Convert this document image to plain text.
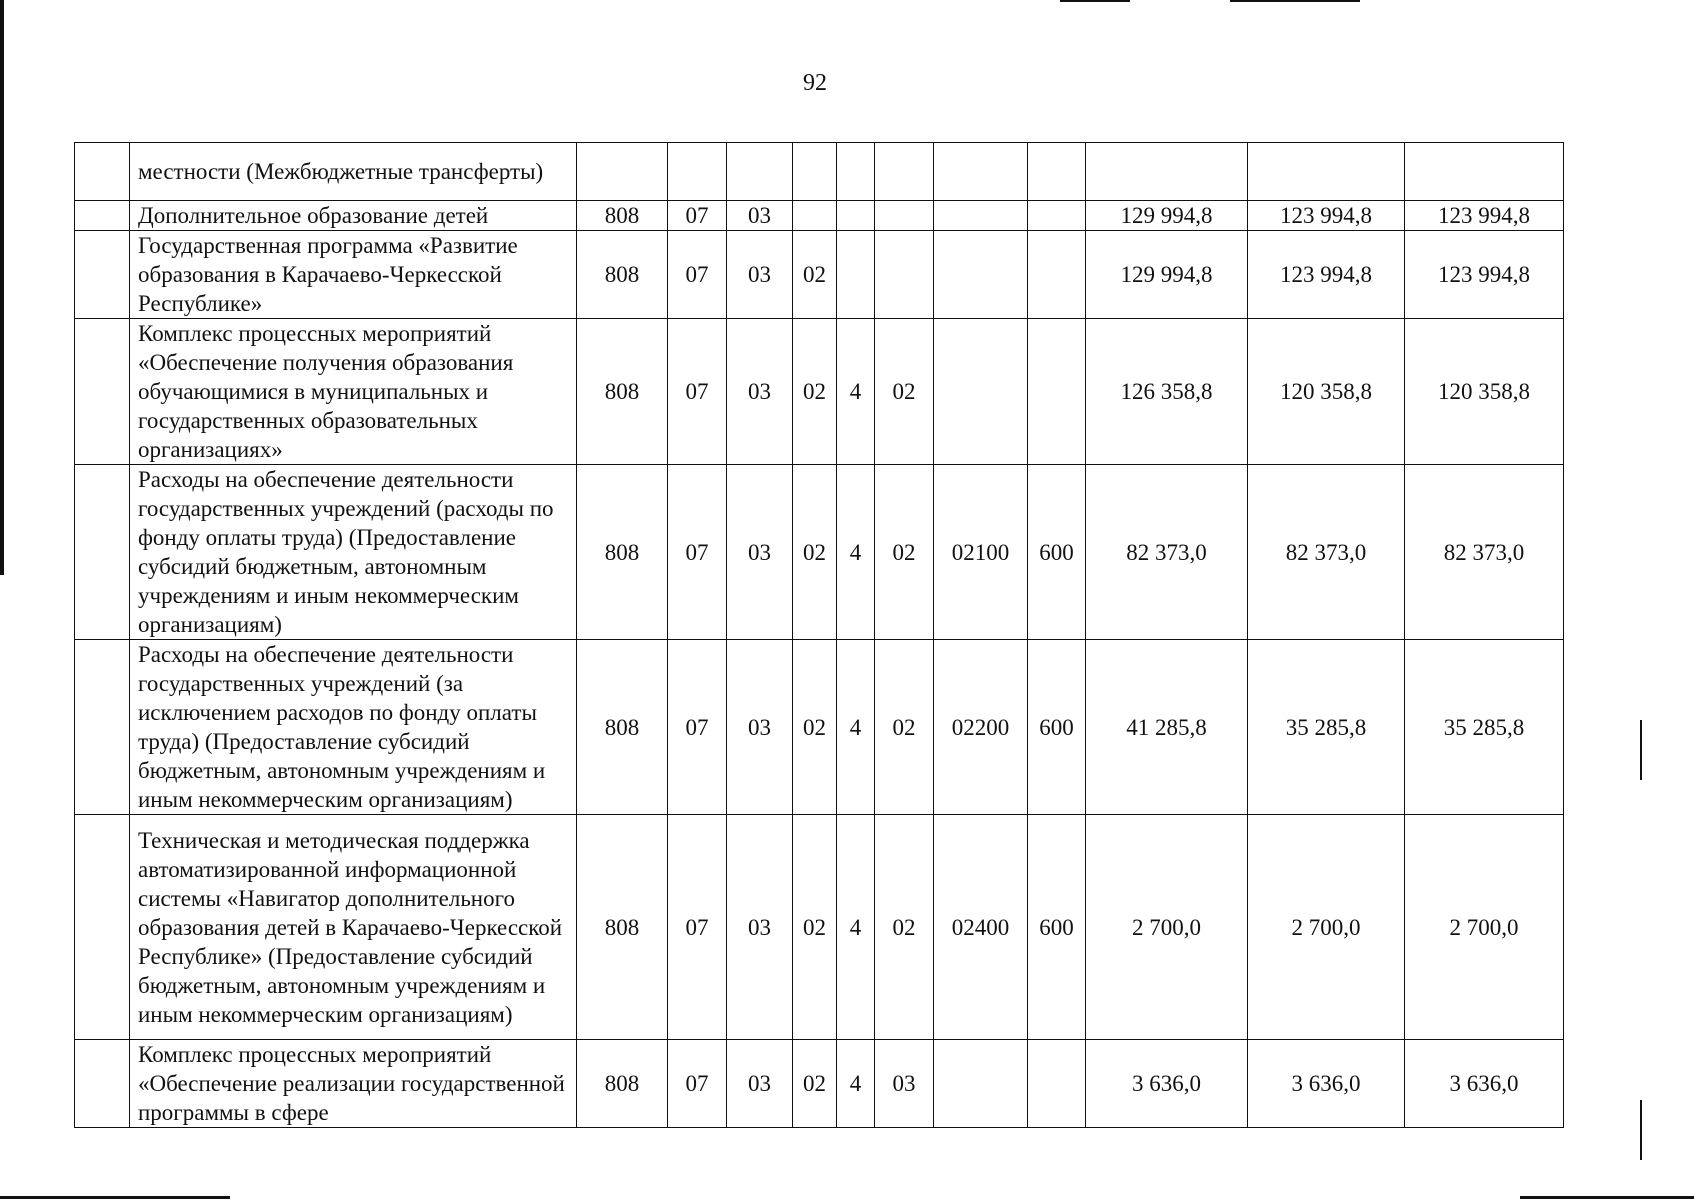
92
	местности (Межбюджетные трансферты)											
	Дополнительное образование детей	808	07	03						129 994,8	123 994,8	123 994,8
	Государственная программа «Развитие образования в Карачаево-Черкесской Республике»	808	07	03	02					129 994,8	123 994,8	123 994,8
	Комплекс процессных мероприятий «Обеспечение получения образования обучающимися в муниципальных и государственных образовательных организациях»	808	07	03	02	4	02			126 358,8	120 358,8	120 358,8
	Расходы на обеспечение деятельности государственных учреждений (расходы по фонду оплаты труда) (Предоставление субсидий бюджетным, автономным учреждениям и иным некоммерческим организациям)	808	07	03	02	4	02	02100	600	82 373,0	82 373,0	82 373,0
	Расходы на обеспечение деятельности государственных учреждений (за исключением расходов по фонду оплаты труда) (Предоставление субсидий бюджетным, автономным учреждениям и иным некоммерческим организациям)	808	07	03	02	4	02	02200	600	41 285,8	35 285,8	35 285,8
	Техническая и методическая поддержка автоматизированной информационной системы «Навигатор дополнительного образования детей в Карачаево-Черкесской Республике» (Предоставление субсидий бюджетным, автономным учреждениям и иным некоммерческим организациям)	808	07	03	02	4	02	02400	600	2 700,0	2 700,0	2 700,0
	Комплекс процессных мероприятий «Обеспечение реализации государственной программы в сфере	808	07	03	02	4	03			3 636,0	3 636,0	3 636,0
